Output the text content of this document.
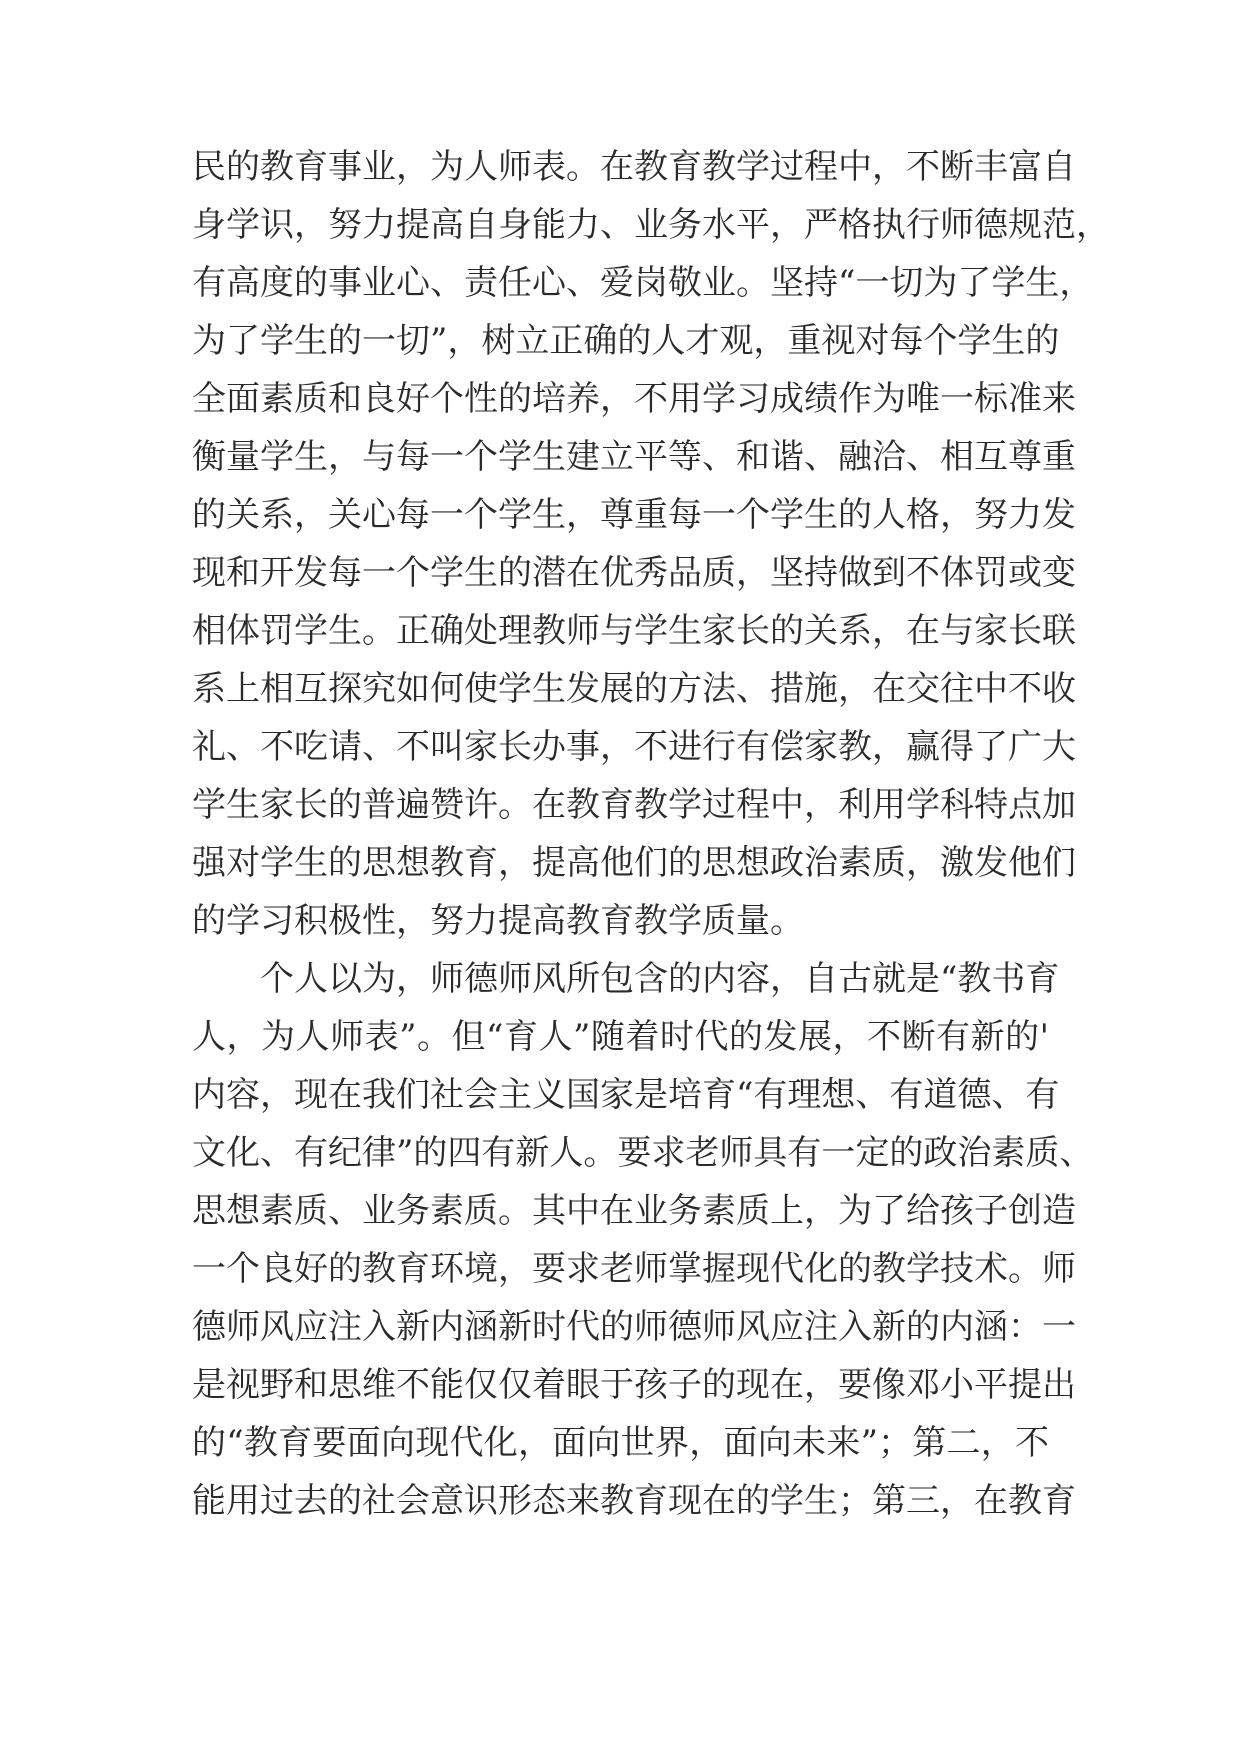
民的教育事业，为人师表。在教育教学过程中，不断丰富自
身学识，努力提高自身能力、业务水平，严格执行师德规范，
有高度的事业心、责任心、爱岗敬业。坚持“一切为了学生，
为了学生的一切”，树立正确的人才观，重视对每个学生的
全面素质和良好个性的培养，不用学习成绩作为唯一标准来
衡量学生，与每一个学生建立平等、和谐、融洽、相互尊重
的关系，关心每一个学生，尊重每一个学生的人格，努力发
现和开发每一个学生的潜在优秀品质，坚持做到不体罚或变
相体罚学生。正确处理教师与学生家长的关系，在与家长联
系上相互探究如何使学生发展的方法、措施，在交往中不收
礼、不吃请、不叫家长办事，不进行有偿家教，赢得了广大
学生家长的普遍赞许。在教育教学过程中，利用学科特点加
强对学生的思想教育，提高他们的思想政治素质，激发他们
的学习积极性，努力提高教育教学质量。
个人以为，师德师风所包含的内容，自古就是“教书育
人，为人师表”。但“育人”随着时代的发展，不断有新的'
内容，现在我们社会主义国家是培育“有理想、有道德、有
文化、有纪律”的四有新人。要求老师具有一定的政治素质、
思想素质、业务素质。其中在业务素质上，为了给孩子创造
一个良好的教育环境，要求老师掌握现代化的教学技术。师
德师风应注入新内涵新时代的师德师风应注入新的内涵：一
是视野和思维不能仅仅着眼于孩子的现在，要像邓小平提出
的“教育要面向现代化，面向世界，面向未来”；第二，不
能用过去的社会意识形态来教育现在的学生；第三，在教育
